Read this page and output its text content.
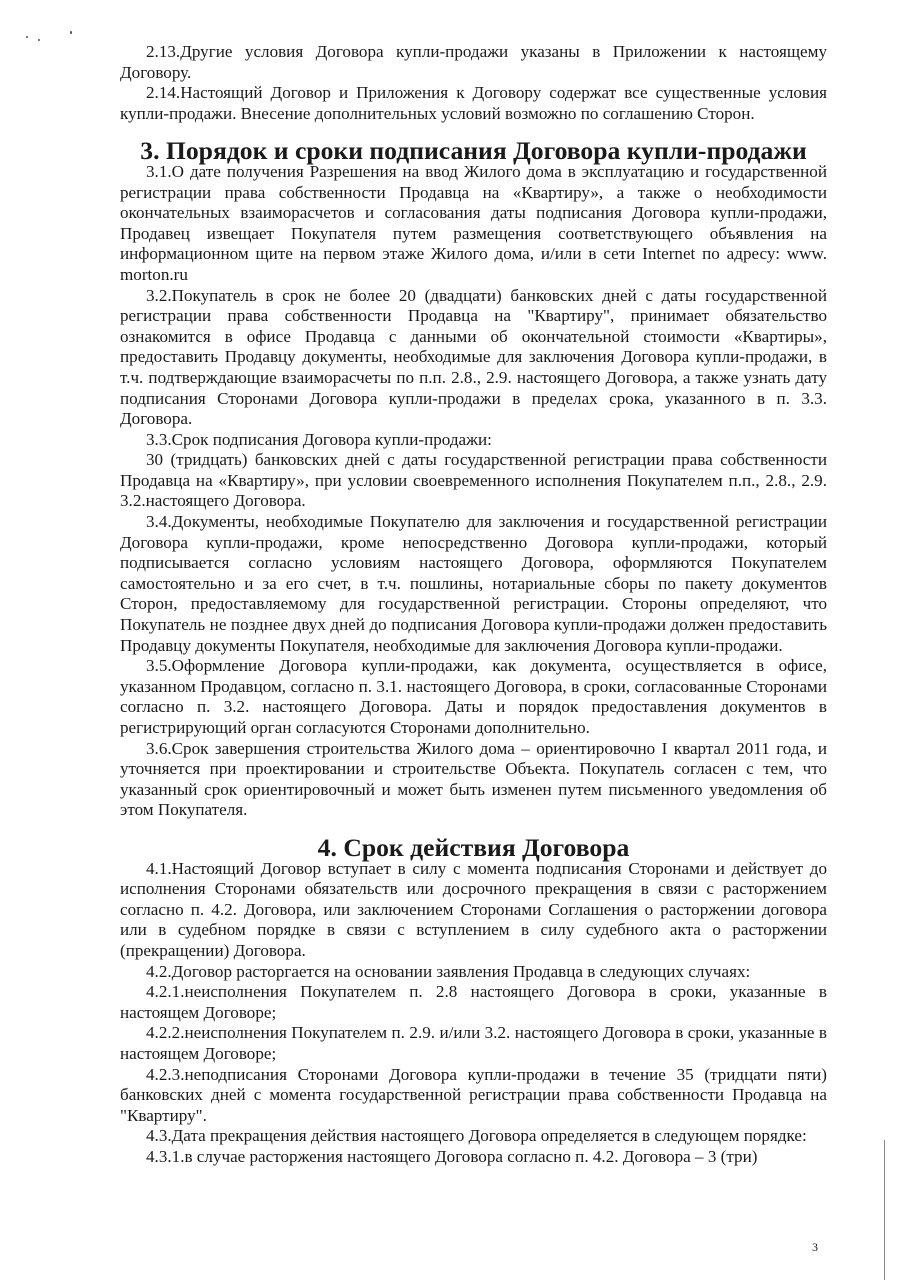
2.13.Другие условия Договора купли-продажи указаны в Приложении к настоящему Договору.

2.14.Настоящий Договор и Приложения к Договору содержат все существенные условия купли-продажи. Внесение дополнительных условий возможно по соглашению Сторон.

3. Порядок и сроки подписания Договора купли-продажи

3.1.О дате получения Разрешения на ввод Жилого дома в эксплуатацию и государственной регистрации права собственности Продавца на «Квартиру», а также о необходимости окончательных взаиморасчетов и согласования даты подписания Договора купли-продажи, Продавец извещает Покупателя путем размещения соответствующего объявления на информационном щите на первом этаже Жилого дома, и/или в сети Internet по адресу: www. morton.ru

3.2.Покупатель в срок не более 20 (двадцати) банковских дней с даты государственной регистрации права собственности Продавца на "Квартиру", принимает обязательство ознакомится в офисе Продавца с данными об окончательной стоимости «Квартиры», предоставить Продавцу документы, необходимые для заключения Договора купли-продажи, в т.ч. подтверждающие взаиморасчеты по п.п. 2.8., 2.9. настоящего Договора, а также узнать дату подписания Сторонами Договора купли-продажи в пределах срока, указанного в п. 3.3. Договора.

3.3.Срок подписания Договора купли-продажи:

30 (тридцать) банковских дней с даты государственной регистрации права собственности Продавца на «Квартиру», при условии своевременного исполнения Покупателем п.п., 2.8., 2.9. 3.2.настоящего Договора.

3.4.Документы, необходимые Покупателю для заключения и государственной регистрации Договора купли-продажи, кроме непосредственно Договора купли-продажи, который подписывается согласно условиям настоящего Договора, оформляются Покупателем самостоятельно и за его счет, в т.ч. пошлины, нотариальные сборы по пакету документов Сторон, предоставляемому для государственной регистрации. Стороны определяют, что Покупатель не позднее двух дней до подписания Договора купли-продажи должен предоставить Продавцу документы Покупателя, необходимые для заключения Договора купли-продажи.

3.5.Оформление Договора купли-продажи, как документа, осуществляется в офисе, указанном Продавцом, согласно п. 3.1. настоящего Договора, в сроки, согласованные Сторонами согласно п. 3.2. настоящего Договора. Даты и порядок предоставления документов в регистрирующий орган согласуются Сторонами дополнительно.

3.6.Срок завершения строительства Жилого дома – ориентировочно I квартал 2011 года, и уточняется при проектировании и строительстве Объекта. Покупатель согласен с тем, что указанный срок ориентировочный и может быть изменен путем письменного уведомления об этом Покупателя.

4. Срок действия Договора

4.1.Настоящий Договор вступает в силу с момента подписания Сторонами и действует до исполнения Сторонами обязательств или досрочного прекращения в связи с расторжением согласно п. 4.2. Договора, или заключением Сторонами Соглашения о расторжении договора или в судебном порядке в связи с вступлением в силу судебного акта о расторжении (прекращении) Договора.

4.2.Договор расторгается на основании заявления Продавца в следующих случаях:

4.2.1.неисполнения Покупателем п. 2.8 настоящего Договора в сроки, указанные в настоящем Договоре;

4.2.2.неисполнения Покупателем п. 2.9. и/или 3.2. настоящего Договора в сроки, указанные в настоящем Договоре;

4.2.3.неподписания Сторонами Договора купли-продажи в течение 35 (тридцати пяти) банковских дней с момента государственной регистрации права собственности Продавца на "Квартиру".

4.3.Дата прекращения действия настоящего Договора определяется в следующем порядке:

4.3.1.в случае расторжения настоящего Договора согласно п. 4.2. Договора – 3 (три)

3
